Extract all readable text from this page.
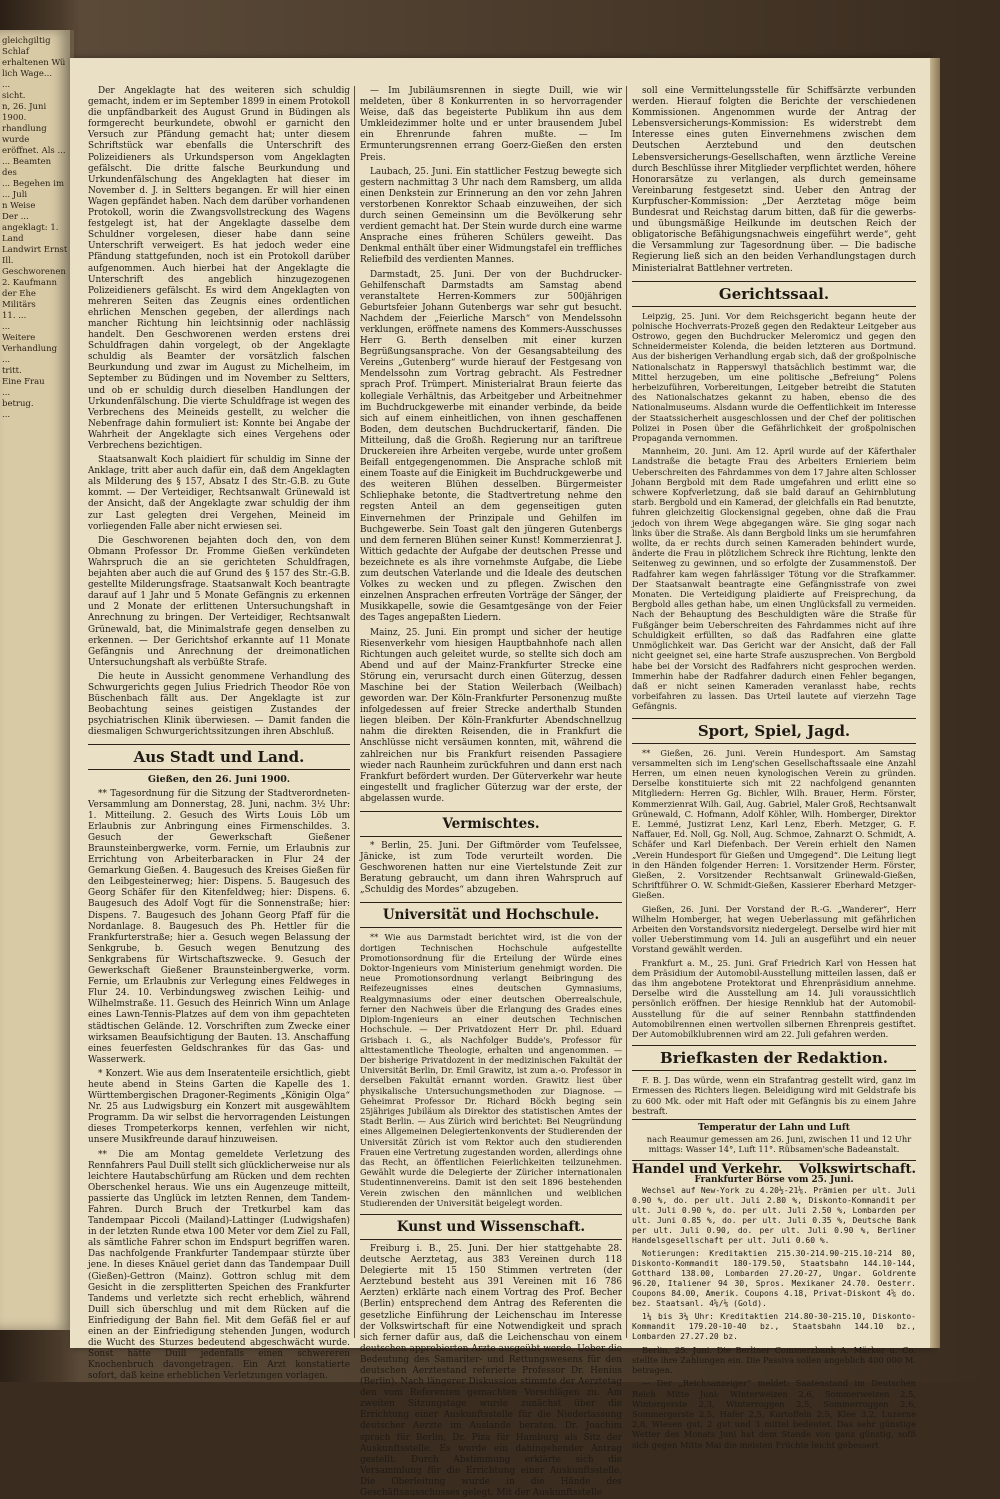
gleichgiltig Schlaf
erhaltenen Wü
lich Wage...
...
sicht.
n, 26. Juni 1900.
rhandlung wurde
eröffnet. Als ...
... Beamten des
... Begehen im
... Juli
n Weise
Der ...
angeklagt: 1. Land
Landwirt Ernst
Ill. Geschworenen
2. Kaufmann
der Ehe
Militärs
11. ...
...
Weitere Verhandlung
...
tritt.
Eine Frau
...
betrug.
...

Der Angeklagte hat des weiteren sich schuldig gemacht, indem er im September 1899 in einem Protokoll die unpfändbarkeit des August Grund in Büdingen als formgerecht beurkundete, obwohl er garnicht den Versuch zur Pfändung gemacht hat; unter diesem Schriftstück war ebenfalls die Unterschrift des Polizeidieners als Urkundsperson vom Angeklagten gefälscht. Die dritte falsche Beurkundung und Urkundenfälschung des Angeklagten hat dieser im November d. J. in Seltters begangen. Er will hier einen Wagen gepfändet haben. Nach dem darüber vorhandenen Protokoll, worin die Zwangsvollstreckung des Wagens festgelegt ist, hat der Angeklagte dasselbe dem Schuldner vorgelesen, dieser habe dann seine Unterschrift verweigert. Es hat jedoch weder eine Pfändung stattgefunden, noch ist ein Protokoll darüber aufgenommen. Auch hierbei hat der Angeklagte die Unterschrift des angeblich hinzugezogenen Polizeidieners gefälscht. Es wird dem Angeklagten von mehreren Seiten das Zeugnis eines ordentlichen ehrlichen Menschen gegeben, der allerdings nach mancher Richtung hin leichtsinnig oder nachlässig handelt. Den Geschworenen werden erstens drei Schuldfragen dahin vorgelegt, ob der Angeklagte schuldig als Beamter der vorsätzlich falschen Beurkundung und zwar im August zu Michelheim, im September zu Büdingen und im November zu Seltters, und ob er schuldig durch dieselben Handlungen der Urkundenfälschung. Die vierte Schuldfrage ist wegen des Verbrechens des Meineids gestellt, zu welcher die Nebenfrage dahin formuliert ist: Konnte bei Angabe der Wahrheit der Angeklagte sich eines Vergehens oder Verbrechens bezichtigen.

Staatsanwalt Koch plaidiert für schuldig im Sinne der Anklage, tritt aber auch dafür ein, daß dem Angeklagten als Milderung des § 157, Absatz I des Str.-G.B. zu Gute kommt. — Der Verteidiger, Rechtsanwalt Grünewald ist der Ansicht, daß der Angeklagte zwar schuldig der ihm zur Last gelegten drei Vergehen, Meineid im vorliegenden Falle aber nicht erwiesen sei.

Die Geschworenen bejahten doch den, von dem Obmann Professor Dr. Fromme Gießen verkündeten Wahrspruch die an sie gerichteten Schuldfragen, bejahten aber auch die auf Grund des § 157 des Str.-G.B. gestellte Milderungsfrage. Staatsanwalt Koch beantragte darauf auf 1 Jahr und 5 Monate Gefängnis zu erkennen und 2 Monate der erlittenen Untersuchungshaft in Anrechnung zu bringen. Der Verteidiger, Rechtsanwalt Grünewald, bat, die Minimalstrafe gegen denselben zu erkennen. — Der Gerichtshof erkannte auf 11 Monate Gefängnis und Anrechnung der dreimonatlichen Untersuchungshaft als verbüßte Strafe.

Die heute in Aussicht genommene Verhandlung des Schwurgerichts gegen Julius Friedrich Theodor Röe von Büschenbach fällt aus. Der Angeklagte ist zur Beobachtung seines geistigen Zustandes der psychiatrischen Klinik überwiesen. — Damit fanden die diesmaligen Schwurgerichtssitzungen ihren Abschluß.

Aus Stadt und Land.
Gießen, den 26. Juni 1900.

** Tagesordnung für die Sitzung der Stadtverordneten-Versammlung am Donnerstag, 28. Juni, nachm. 3½ Uhr: 1. Mitteilung. 2. Gesuch des Wirts Louis Löb um Erlaubnis zur Anbringung eines Firmenschildes. 3. Gesuch der Gewerkschaft Gießener Braunsteinbergwerke, vorm. Fernie, um Erlaubnis zur Errichtung von Arbeiterbaracken in Flur 24 der Gemarkung Gießen. 4. Baugesuch des Kreises Gießen für den Leibgesteinerweg; hier: Dispens. 5. Baugesuch des Georg Schäfer für den Kitenfeldweg; hier: Dispens. 6. Baugesuch des Adolf Vogt für die Sonnenstraße; hier: Dispens. 7. Baugesuch des Johann Georg Pfaff für die Nordanlage. 8. Baugesuch des Ph. Hettler für die Frankfurterstraße; hier a. Gesuch wegen Belassung der Senkgrube, b. Gesuch wegen Benutzung des Senkgrabens für Wirtschaftszwecke. 9. Gesuch der Gewerkschaft Gießener Braunsteinbergwerke, vorm. Fernie, um Erlaubnis zur Verlegung eines Feldweges in Flur 24. 10. Verbindungsweg zwischen Leihig- und Wilhelmstraße. 11. Gesuch des Heinrich Winn um Anlage eines Lawn-Tennis-Platzes auf dem von ihm gepachteten städtischen Gelände. 12. Vorschriften zum Zwecke einer wirksamen Beaufsichtigung der Bauten. 13. Anschaffung eines feuerfesten Geldschrankes für das Gas- und Wasserwerk.

* Konzert. Wie aus dem Inseratenteile ersichtlich, giebt heute abend in Steins Garten die Kapelle des 1. Württembergischen Dragoner-Regiments „Königin Olga“ Nr. 25 aus Ludwigsburg ein Konzert mit ausgewähltem Programm. Da wir selbst die hervorragenden Leistungen dieses Trompeterkorps kennen, verfehlen wir nicht, unsere Musikfreunde darauf hinzuweisen.

** Die am Montag gemeldete Verletzung des Rennfahrers Paul Duill stellt sich glücklicherweise nur als leichtere Hautabschürfung am Rücken und dem rechten Oberschenkel heraus. Wie uns ein Augenzeuge mitteilt, passierte das Unglück im letzten Rennen, dem Tandem-Fahren. Durch Bruch der Tretkurbel kam das Tandempaar Piccoli (Mailand)-Lattinger (Ludwigshafen) in der letzten Runde etwa 100 Meter vor dem Ziel zu Fall, als sämtliche Fahrer schon im Endspurt begriffen waren. Das nachfolgende Frankfurter Tandempaar stürzte über jene. In dieses Knäuel geriet dann das Tandempaar Duill (Gießen)-Gettron (Mainz). Gottron schlug mit dem Gesicht in die zersplitterten Speichen des Frankfurter Tandems und verletzte sich recht erheblich, während Duill sich überschlug und mit dem Rücken auf die Einfriedigung der Bahn fiel. Mit dem Gefäß fiel er auf einen an der Einfriedigung stehenden Jungen, wodurch die Wucht des Sturzes bedeutend abgeschwächt wurde. Sonst hätte Duill jedenfalls einen schwereren Knochenbruch davongetragen. Ein Arzt konstatierte sofort, daß keine erheblichen Verletzungen vorlagen.

— Im Jubiläumsrennen in siegte Duill, wie wir meldeten, über 8 Konkurrenten in so hervorragender Weise, daß das begeisterte Publikum ihn aus dem Umkleidezimmer holte und er unter brausendem Jubel ein Ehrenrunde fahren mußte. — Im Ermunterungsrennen errang Goerz-Gießen den ersten Preis.

Laubach, 25. Juni. Ein stattlicher Festzug bewegte sich gestern nachmittag 3 Uhr nach dem Ramsberg, um allda einen Denkstein zur Erinnerung an den vor zehn Jahren verstorbenen Konrektor Schaab einzuweihen, der sich durch seinen Gemeinsinn um die Bevölkerung sehr verdient gemacht hat. Der Stein wurde durch eine warme Ansprache eines früheren Schülers geweiht. Das Denkmal enthält über einer Widmungstafel ein treffliches Reliefbild des verdienten Mannes.

Darmstadt, 25. Juni. Der von der Buchdrucker-Gehilfenschaft Darmstadts am Samstag abend veranstaltete Herren-Kommers zur 500jährigen Geburtsfeier Johann Gutenbergs war sehr gut besucht. Nachdem der „Feierliche Marsch“ von Mendelssohn verklungen, eröffnete namens des Kommers-Ausschusses Herr G. Berth denselben mit einer kurzen Begrüßungsansprache. Von der Gesangsabteilung des Vereins „Gutenberg“ wurde hierauf der Festgesang von Mendelssohn zum Vortrag gebracht. Als Festredner sprach Prof. Trümpert. Ministerialrat Braun feierte das kollegiale Verhältnis, das Arbeitgeber und Arbeitnehmer im Buchdruckgewerbe mit einander verbinde, da beide sich auf einem einheitlichen, von ihnen geschaffenen Boden, dem deutschen Buchdruckertarif, fänden. Die Mitteilung, daß die Großh. Regierung nur an tariftreue Druckereien ihre Arbeiten vergebe, wurde unter großem Beifall entgegengenommen. Die Ansprache schloß mit einem Toaste auf die Einigkeit im Buchdruckgewerbe und des weiteren Blühen desselben. Bürgermeister Schliephake betonte, die Stadtvertretung nehme den regsten Anteil an dem gegenseitigen guten Einvernehmen der Prinzipale und Gehilfen im Buchgewerbe. Sein Toast galt den jüngeren Gutenbergs und dem ferneren Blühen seiner Kunst! Kommerzienrat J. Wittich gedachte der Aufgabe der deutschen Presse und bezeichnete es als ihre vornehmste Aufgabe, die Liebe zum deutschen Vaterlande und die Ideale des deutschen Volkes zu wecken und zu pflegen. Zwischen den einzelnen Ansprachen erfreuten Vorträge der Sänger, der Musikkapelle, sowie die Gesamtgesänge von der Feier des Tages angepaßten Liedern.

Mainz, 25. Juni. Ein prompt und sicher der heutige Riesenverkehr vom hiesigen Hauptbahnhofe nach allen Richtungen auch geleitet wurde, so stellte sich doch am Abend und auf der Mainz-Frankfurter Strecke eine Störung ein, verursacht durch einen Güterzug, dessen Maschine bei der Station Weilerbach (Weilbach) geworden war. Der Köln-Frankfurter Personenzug mußte infolgedessen auf freier Strecke anderthalb Stunden liegen bleiben. Der Köln-Frankfurter Abendschnellzug nahm die direkten Reisenden, die in Frankfurt die Anschlüsse nicht versäumen konnten, mit, während die zahlreichen nur bis Frankfurt reisenden Passagiere wieder nach Raunheim zurückfuhren und dann erst nach Frankfurt befördert wurden. Der Güterverkehr war heute eingestellt und fraglicher Güterzug war der erste, der abgelassen wurde.

Vermischtes.

* Berlin, 25. Juni. Der Giftmörder vom Teufelssee, Jänicke, ist zum Tode verurteilt worden. Die Geschworenen hatten nur eine Viertelstunde Zeit zur Beratung gebraucht, um dann ihren Wahrspruch auf „Schuldig des Mordes“ abzugeben.

Universität und Hochschule.

** Wie aus Darmstadt berichtet wird, ist die von der dortigen Technischen Hochschule aufgestellte Promotionsordnung für die Erteilung der Würde eines Doktor-Ingenieurs vom Ministerium genehmigt worden. Die neue Promotionsordnung verlangt Beibringung des Reifezeugnisses eines deutschen Gymnasiums, Realgymnasiums oder einer deutschen Oberrealschule, ferner den Nachweis über die Erlangung des Grades eines Diplom-Ingenieurs an einer deutschen Technischen Hochschule. — Der Privatdozent Herr Dr. phil. Eduard Grisbach i. G., als Nachfolger Budde's, Professor für alttestamentliche Theologie, erhalten und angenommen. — Der bisherige Privatdozent in der medizinischen Fakultät der Universität Berlin, Dr. Emil Grawitz, ist zum a.-o. Professor in derselben Fakultät ernannt worden. Grawitz liest über physikalische Untersuchungsmethoden zur Diagnose. — Geheimrat Professor Dr. Richard Böckh beging sein 25jähriges Jubiläum als Direktor des statistischen Amtes der Stadt Berlin. — Aus Zürich wird berichtet: Bei Neugründung eines Allgemeinen Delegiertenkonvents der Studierenden der Universität Zürich ist vom Rektor auch den studierenden Frauen eine Vertretung zugestanden worden, allerdings ohne das Recht, an öffentlichen Feierlichkeiten teilzunehmen. Gewählt wurde die Delegierte der Züricher internationalen Studentinnenvereins. Damit ist den seit 1896 bestehenden Verein zwischen den männlichen und weiblichen Studierenden der Universität beigelegt worden.

Kunst und Wissenschaft.

Freiburg i. B., 25. Juni. Der hier stattgehabte 28. deutsche Aerztetag, aus 383 Vereinen durch 118 Delegierte mit 15 150 Stimmen vertreten (der Aerztebund besteht aus 391 Vereinen mit 16 786 Aerzten) erklärte nach einem Vortrag des Prof. Becher (Berlin) entsprechend dem Antrag des Referenten die gesetzliche Einführung der Leichenschau im Interesse der Volkswirtschaft für eine Notwendigkeit und sprach sich ferner dafür aus, daß die Leichenschau von einem deutschen approbierten Arzte ausgeübt werde. Ueber die Bedeutung des Samariter- und Rettungswesens für den deutschen Aerztestand referierte Professor Dr. Henius (Berlin). Nach längerer Diskussion stimmte der Aerztetag den vom Referenten gemachten Vorschlägen zu. Am zweiten Sitzungstage wurde zunächst über die Errichtung einer Auskunftsstelle für die Niederlassung deutscher Aerzte im Auslande beraten. Dr. Joachim sprach für Berlin, Dr. Piza für Hamburg als Sitz der Auskunftsstelle. Es wurde ein dahingehender Antrag gestellt. Durch Abstimmung erklärte sich die Versammlung für die Errichtung einer Auskunftsstelle. Die Oberleitung wurde in die Hände des Geschäftsausschusses gelegt. Mit der Auskunftsstelle

soll eine Vermittelungsstelle für Schiffsärzte verbunden werden. Hierauf folgten die Berichte der verschiedenen Kommissionen. Angenommen wurde der Antrag der Lebensversicherungs-Kommission: Es widerstrebt dem Interesse eines guten Einvernehmens zwischen dem Deutschen Aerztebund und den deutschen Lebensversicherungs-Gesellschaften, wenn ärztliche Vereine durch Beschlüsse ihrer Mitglieder verpflichtet werden, höhere Honorarsätze zu verlangen, als durch gemeinsame Vereinbarung festgesetzt sind. Ueber den Antrag der Kurpfuscher-Kommission: „Der Aerztetag möge beim Bundesrat und Reichstag darum bitten, daß für die gewerbs- und übungsmäßige Heilkunde im deutschen Reich der obligatorische Befähigungsnachweis eingeführt werde“, geht die Versammlung zur Tagesordnung über. — Die badische Regierung ließ sich an den beiden Verhandlungstagen durch Ministerialrat Battlehner vertreten.

Gerichtssaal.

Leipzig, 25. Juni. Vor dem Reichsgericht begann heute der polnische Hochverrats-Prozeß gegen den Redakteur Leitgeber aus Ostrowo, gegen den Buchdrucker Meleromicz und gegen den Schneidermeister Kolenda, die beiden letzteren aus Dortmund. Aus der bisherigen Verhandlung ergab sich, daß der großpolnische Nationalschatz in Rapperswyl thatsächlich bestimmt war, die Mittel herzugeben, um eine politische „Befreiung“ Polens herbeizuführen, Vorbereitungen, Leitgeber betreibt die Statuten des Nationalschatzes gekannt zu haben, ebenso die des Nationalmuseums. Alsdann wurde die Oeffentlichkeit im Interesse der Staatssicherheit ausgeschlossen und der Chef der politischen Polizei in Posen über die Gefährlichkeit der großpolnischen Propaganda vernommen.

Mannheim, 20. Juni. Am 12. April wurde auf der Käferthaler Landstraße die betagte Frau des Arbeiters Ernieriem beim Ueberschreiten des Fahrdammes von dem 17 Jahre alten Schlosser Johann Bergbold mit dem Rade umgefahren und erlitt eine so schwere Kopfverletzung, daß sie bald darauf an Gehirnblutung starb. Bergbold und ein Kamerad, der gleichfalls ein Rad benutzte, fuhren gleichzeitig Glockensignal gegeben, ohne daß die Frau jedoch von ihrem Wege abgegangen wäre. Sie ging sogar nach links über die Straße. Als dann Bergbold links um sie herumfahren wollte, da er rechts durch seinen Kameraden behindert wurde, änderte die Frau in plötzlichem Schreck ihre Richtung, lenkte den Seitenweg zu gewinnen, und so erfolgte der Zusammenstoß. Der Radfahrer kam wegen fahrlässiger Tötung vor die Strafkammer. Der Staatsanwalt beantragte eine Gefängnisstrafe von zwei Monaten. Die Verteidigung plaidierte auf Freisprechung, da Bergbold alles gethan habe, um einen Unglücksfall zu vermeiden. Nach der Behauptung des Beschuldigten wäre die Straße für Fußgänger beim Ueberschreiten des Fahrdammes nicht auf ihre Schuldigkeit erfüllten, so daß das Radfahren eine glatte Unmöglichkeit war. Das Gericht war der Ansicht, daß der Fall nicht geeignet sei, eine harte Strafe auszusprechen. Von Bergbold habe bei der Vorsicht des Radfahrers nicht gesprochen werden. Immerhin habe der Radfahrer dadurch einen Fehler begangen, daß er nicht seinen Kameraden veranlasst habe, rechts vorbeifahren zu lassen. Das Urteil lautete auf vierzehn Tage Gefängnis.

Sport, Spiel, Jagd.

** Gießen, 26. Juni. Verein Hundesport. Am Samstag versammelten sich im Leng'schen Gesellschaftssaale eine Anzahl Herren, um einen neuen kynologischen Verein zu gründen. Derselbe konstituierte sich mit 22 nachfolgend genannten Mitgliedern: Herren Gg. Bichler, Wilh. Brauer, Herm. Förster, Kommerzienrat Wilh. Gail, Aug. Gabriel, Maler Groß, Rechtsanwalt Grünewald, C. Hofmann, Adolf Köhler, Wilh. Homberger, Direktor E. Lemmé, Justizrat Lenz, Karl Lenz, Eberh. Metzger, G. F. Naffauer, Ed. Noll, Gg. Noll, Aug. Schmoe, Zahnarzt O. Schmidt, A. Schäfer und Karl Diefenbach. Der Verein erhielt den Namen „Verein Hundesport für Gießen und Umgegend“. Die Leitung liegt in den Händen folgender Herren: 1. Vorsitzender Herm. Förster, Gießen, 2. Vorsitzender Rechtsanwalt Grünewald-Gießen, Schriftführer O. W. Schmidt-Gießen, Kassierer Eberhard Metzger-Gießen.

Gießen, 26. Juni. Der Vorstand der R.-G. „Wanderer“, Herr Wilhelm Homberger, hat wegen Ueberlassung mit gefährlichen Arbeiten den Vorstandsvorsitz niedergelegt. Derselbe wird hier mit voller Ueberstimmung vom 14. Juli an ausgeführt und ein neuer Vorstand gewählt werden.

Frankfurt a. M., 25. Juni. Graf Friedrich Karl von Hessen hat dem Präsidium der Automobil-Ausstellung mitteilen lassen, daß er das ihm angebotene Protektorat und Ehrenpräsidium annehme. Derselbe wird die Ausstellung am 14. Juli voraussichtlich persönlich eröffnen. Der hiesige Rennklub hat der Automobil-Ausstellung für die auf seiner Rennbahn stattfindenden Automobilrennen einen wertvollen silbernen Ehrenpreis gestiftet. Der Automobilklubrennen wird am 22. Juli gefahren werden.

Briefkasten der Redaktion.

F. B. J. Das würde, wenn ein Strafantrag gestellt wird, ganz im Ermessen des Richters liegen. Beleidigung wird mit Geldstrafe bis zu 600 Mk. oder mit Haft oder mit Gefängnis bis zu einem Jahre bestraft.

Temperatur der Lahn und Luft

nach Reaumur gemessen am 26. Juni, zwischen 11 und 12 Uhr mittags: Wasser 14°, Luft 11°. Rübsamen'sche Badeanstalt.

Handel und Verkehr. Volkswirtschaft.
Frankfurter Börse vom 25. Juni.

Wechsel auf New-York zu 4.20½-21⅛. Prämien per ult. Juli 0.90 %, do. per ult. Juli 2.80 %, Diskonto-Kommandit per ult. Juli 0.90 %, do. per ult. Juli 2.50 %, Lombarden per ult. Juni 0.85 %, do. per ult. Juli 0.35 %, Deutsche Bank per ult. Juli 0.90, do. per ult. Juli 0.90 %, Berliner Handelsgesellschaft per ult. Juli 0.60 %.

Notierungen: Kreditaktien 215.30-214.90-215.10-214 80, Diskonto-Kommandit 180-179.50, Staatsbahn 144.10-144, Gotthard 138.00, Lombarden 27.20-27, Ungar. Goldrente 96.20, Italiener 94 30, Spros. Mexikaner 24.70. Oesterr. Coupons 84.00, Amerik. Coupons 4.18, Privat-Diskont 4⅝ do. bez. Staatsanl. 4⅝/⅛ (Gold).

1¼ bis 3¼ Uhr: Kreditaktien 214.80-30-215.10, Diskonto-Kommandit 179.20-10-40 bz., Staatsbahn 144.10 bz., Lombarden 27.27.20 bz.

Berlin, 25. Juni. Die Berliner Commerzbank A. Märker u. Co. stellte ihre Zahlungen ein. Die Passiva sollen angeblich 400 000 M. betragen.

— Der „Reichsanzeiger“ meldet: Saatenstand im Deutschen Reich Mitte Juni: Winterweizen 2,6, Sommerweizen 2,5, Wintergerste 2,3, Winterroggen 2,5, Sommerroggen 2,6, Sommergerste 2,5, Hafer 2,5, Kartoffeln 2,5, Klee 3,2, Luzerne 2,8, Wiesen gut, 2 gut und 3 mittel bedeutet. Das sehr günstige Wetter des Monats Juni hat dem Stande von ganz günstig, sofß sich gegen Mitte Mai die meisten Früchte leicht gebessert
